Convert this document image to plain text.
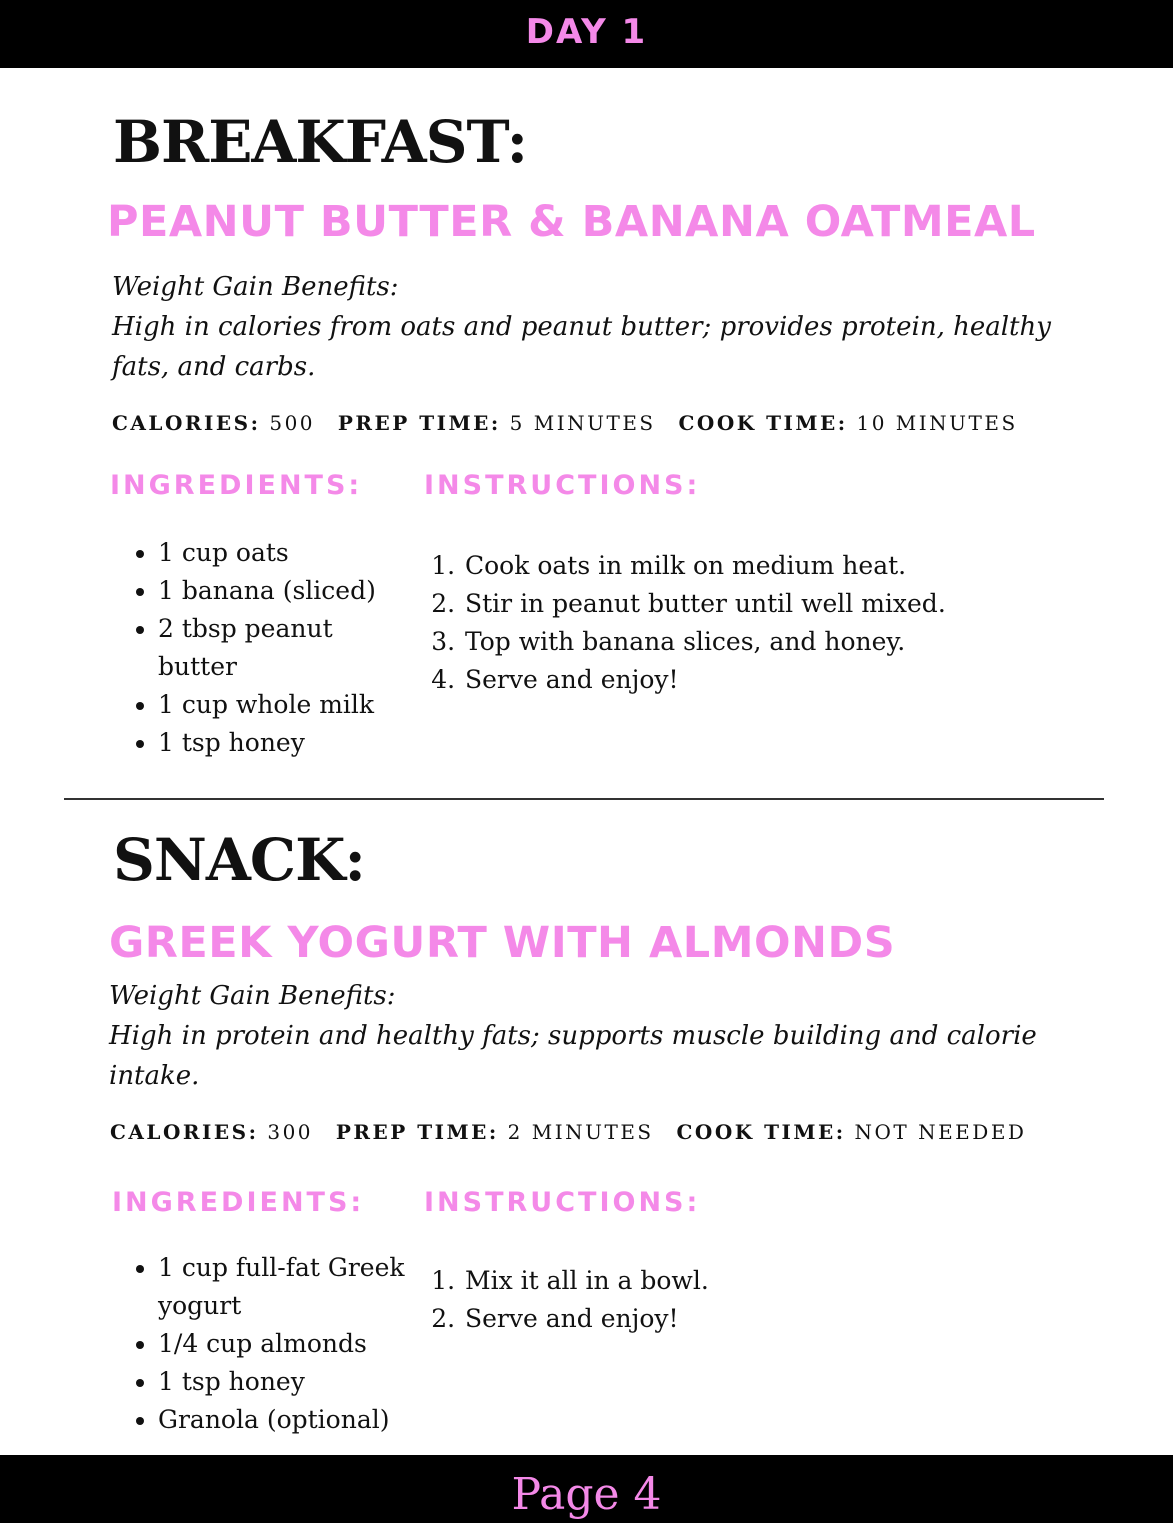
DAY 1
BREAKFAST:
PEANUT BUTTER & BANANA OATMEAL
Weight Gain Benefits:
High in calories from oats and peanut butter; provides protein, healthy
fats, and carbs.
CALORIES: 500 PREP TIME: 5 MINUTES COOK TIME: 10 MINUTES
INGREDIENTS: INSTRUCTIONS:
• 1 cup oats
• 1 banana (sliced)
• 2 tbsp peanut butter
• 1 cup whole milk
• 1 tsp honey
1. Cook oats in milk on medium heat.
2. Stir in peanut butter until well mixed.
3. Top with banana slices, and honey.
4. Serve and enjoy!
SNACK:
GREEK YOGURT WITH ALMONDS
Weight Gain Benefits:
High in protein and healthy fats; supports muscle building and calorie
intake.
CALORIES: 300 PREP TIME: 2 MINUTES COOK TIME: NOT NEEDED
INGREDIENTS: INSTRUCTIONS:
• 1 cup full-fat Greek yogurt
• 1/4 cup almonds
• 1 tsp honey
• Granola (optional)
1. Mix it all in a bowl.
2. Serve and enjoy!
Page 4
